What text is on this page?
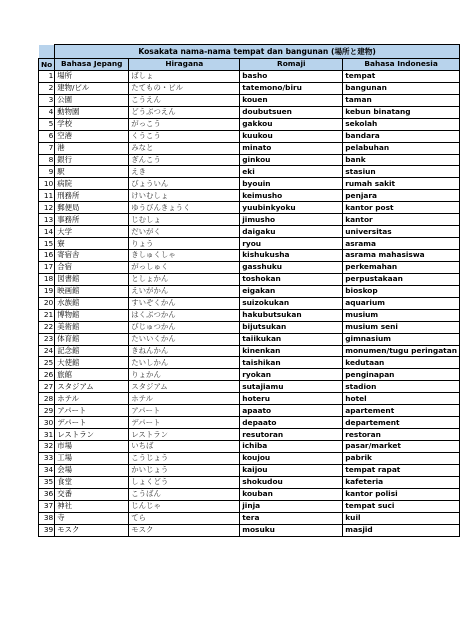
	Kosakata nama-nama tempat dan bangunan (場所と建物)			
No	Bahasa Jepang	Hiragana	Romaji	Bahasa Indonesia
1	場所	ばしょ	basho	tempat
2	建物/ビル	たてもの・ビル	tatemono/biru	bangunan
3	公園	こうえん	kouen	taman
4	動物園	どうぶつえん	doubutsuen	kebun binatang
5	学校	がっこう	gakkou	sekolah
6	空港	くうこう	kuukou	bandara
7	港	みなと	minato	pelabuhan
8	銀行	ぎんこう	ginkou	bank
9	駅	えき	eki	stasiun
10	病院	びょういん	byouin	rumah sakit
11	刑務所	けいむしょ	keimusho	penjara
12	郵便局	ゆうびんきょうく	yuubinkyoku	kantor post
13	事務所	じむしょ	jimusho	kantor
14	大学	だいがく	daigaku	universitas
15	寮	りょう	ryou	asrama
16	寄宿舎	きしゅくしゃ	kishukusha	asrama mahasiswa
17	合宿	がっしゅく	gasshuku	perkemahan
18	図書館	としょかん	toshokan	perpustakaan
19	映画館	えいがかん	eigakan	bioskop
20	水族館	すいぞくかん	suizokukan	aquarium
21	博物館	はくぶつかん	hakubutsukan	musium
22	美術館	びじゅつかん	bijutsukan	musium seni
23	体育館	たいいくかん	taiikukan	gimnasium
24	記念館	きねんかん	kinenkan	monumen/tugu peringatan
25	大使館	たいしかん	taishikan	kedutaan
26	旅館	りょかん	ryokan	penginapan
27	スタジアム	スタジアム	sutajiamu	stadion
28	ホテル	ホテル	hoteru	hotel
29	アパート	アパート	apaato	apartement
30	デパート	デパート	depaato	departement
31	レストラン	レストラン	resutoran	restoran
32	市場	いちば	ichiba	pasar/market
33	工場	こうじょう	koujou	pabrik
34	会場	かいじょう	kaijou	tempat rapat
35	食堂	しょくどう	shokudou	kafeteria
36	交番	こうばん	kouban	kantor polisi
37	神社	じんじゃ	jinja	tempat suci
38	寺	てら	tera	kuil
39	モスク	モスク	mosuku	masjid
